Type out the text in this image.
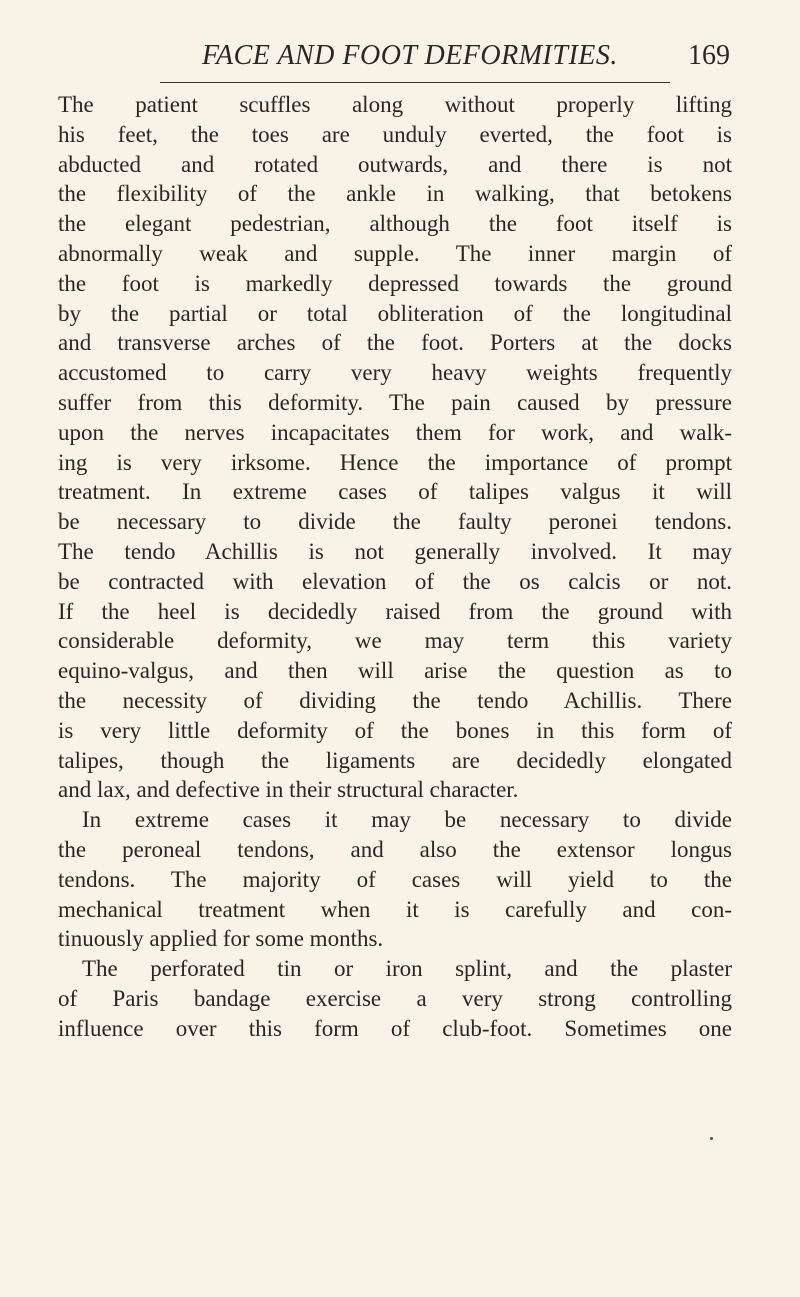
FACE AND FOOT DEFORMITIES.	169
The patient scuffles along without properly lifting
his feet, the toes are unduly everted, the foot is
abducted and rotated outwards, and there is not
the flexibility of the ankle in walking, that betokens
the elegant pedestrian, although the foot itself is
abnormally weak and supple. The inner margin of
the foot is markedly depressed towards the ground
by the partial or total obliteration of the longitudinal
and transverse arches of the foot. Porters at the docks
accustomed to carry very heavy weights frequently
suffer from this deformity. The pain caused by pressure
upon the nerves incapacitates them for work, and walk-
ing is very irksome. Hence the importance of prompt
treatment. In extreme cases of talipes valgus it will
be necessary to divide the faulty peronei tendons.
The tendo Achillis is not generally involved. It may
be contracted with elevation of the os calcis or not.
If the heel is decidedly raised from the ground with
considerable deformity, we may term this variety
equino-valgus, and then will arise the question as to
the necessity of dividing the tendo Achillis. There
is very little deformity of the bones in this form of
talipes, though the ligaments are decidedly elongated
and lax, and defective in their structural character.
In extreme cases it may be necessary to divide
the peroneal tendons, and also the extensor longus
tendons. The majority of cases will yield to the
mechanical treatment when it is carefully and con-
tinuously applied for some months.
The perforated tin or iron splint, and the plaster
of Paris bandage exercise a very strong controlling
influence over this form of club-foot. Sometimes one
